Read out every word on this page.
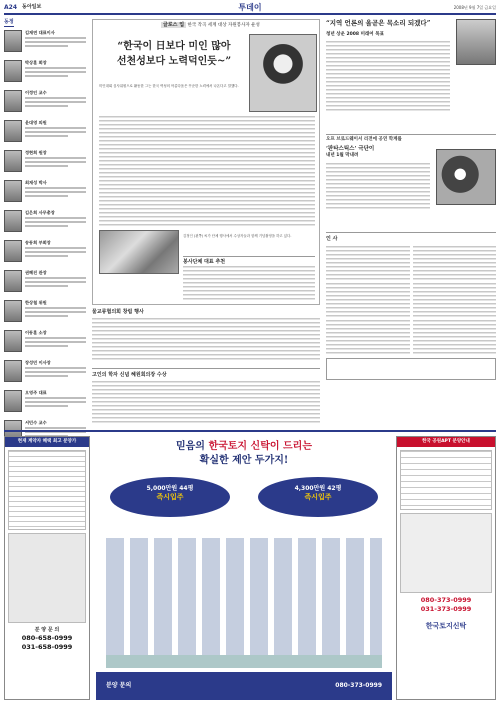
A24 동아일보	투데이	2008년 9월 7일 금요일
동정
김재연 대표이사
박상훈 회장
이정인 교수
윤대영 의원
정현희 원장
최재성 박사
김은희 사무총장
송동희 부회장
권혜진 관장
한상철 위원
이동훈 소장
장성민 이사장
오영주 대표
서민수 교수
글로스 업 한국 작곡 세계 대상 자원봉사자 운성
“한국이 日보다 미인 많아
선천성보다 노력덕인듯~”
미인대회 심사위원으로 활동한 그는 한국 여성의 아름다움은 꾸준한 노력에서 나온다고 말했다.
김정인 (왼쪽) 씨가 단체 행사에서 수상자들과 함께 기념촬영을 하고 있다.
봉사단체 대표 추천
물교류협의회 창립 행사
고인의 학자 신념 혜원회의장 수상
“지역 언론의 올곧은 목소리 되겠다”
청년 상운 2008 미래어 목표
오프 브로드웨이서 리전에 공연 학계를
‘판타스틱스’ 극단이
내년 1월 막내려
인 사
현재 계약자 혜택 최고 분양가
분 양 문 의
080-658-0999
031-658-0999
믿음의 한국토지 신탁이 드리는
확실한 제안 두가지!
5,000만원 44평
즉시입주
4,300만원 42평
즉시입주
분양 문의	080-373-0999
한국 공원APT 분양안내
080-373-0999
031-373-0999
한국토지신탁
